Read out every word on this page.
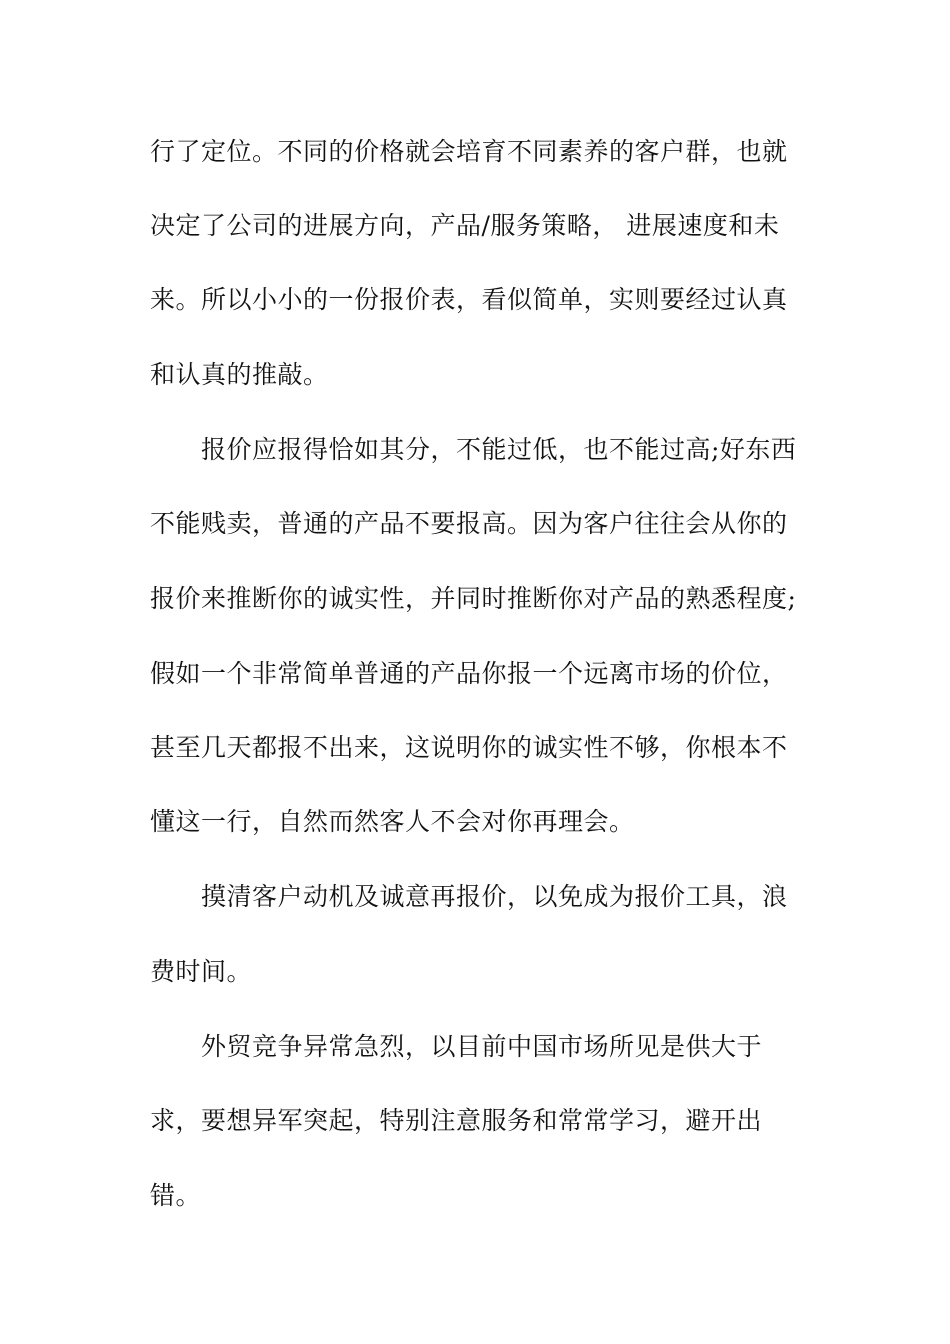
行了定位。不同的价格就会培育不同素养的客户群，也就
决定了公司的进展方向，产品/服务策略， 进展速度和未
来。所以小小的一份报价表，看似简单，实则要经过认真
和认真的推敲。
报价应报得恰如其分，不能过低，也不能过高;好东西
不能贱卖，普通的产品不要报高。因为客户往往会从你的
报价来推断你的诚实性，并同时推断你对产品的熟悉程度;
假如一个非常简单普通的产品你报一个远离市场的价位，
甚至几天都报不出来，这说明你的诚实性不够，你根本不
懂这一行，自然而然客人不会对你再理会。
摸清客户动机及诚意再报价，以免成为报价工具，浪
费时间。
外贸竞争异常急烈，以目前中国市场所见是供大于
求，要想异军突起，特别注意服务和常常学习，避开出
错。
